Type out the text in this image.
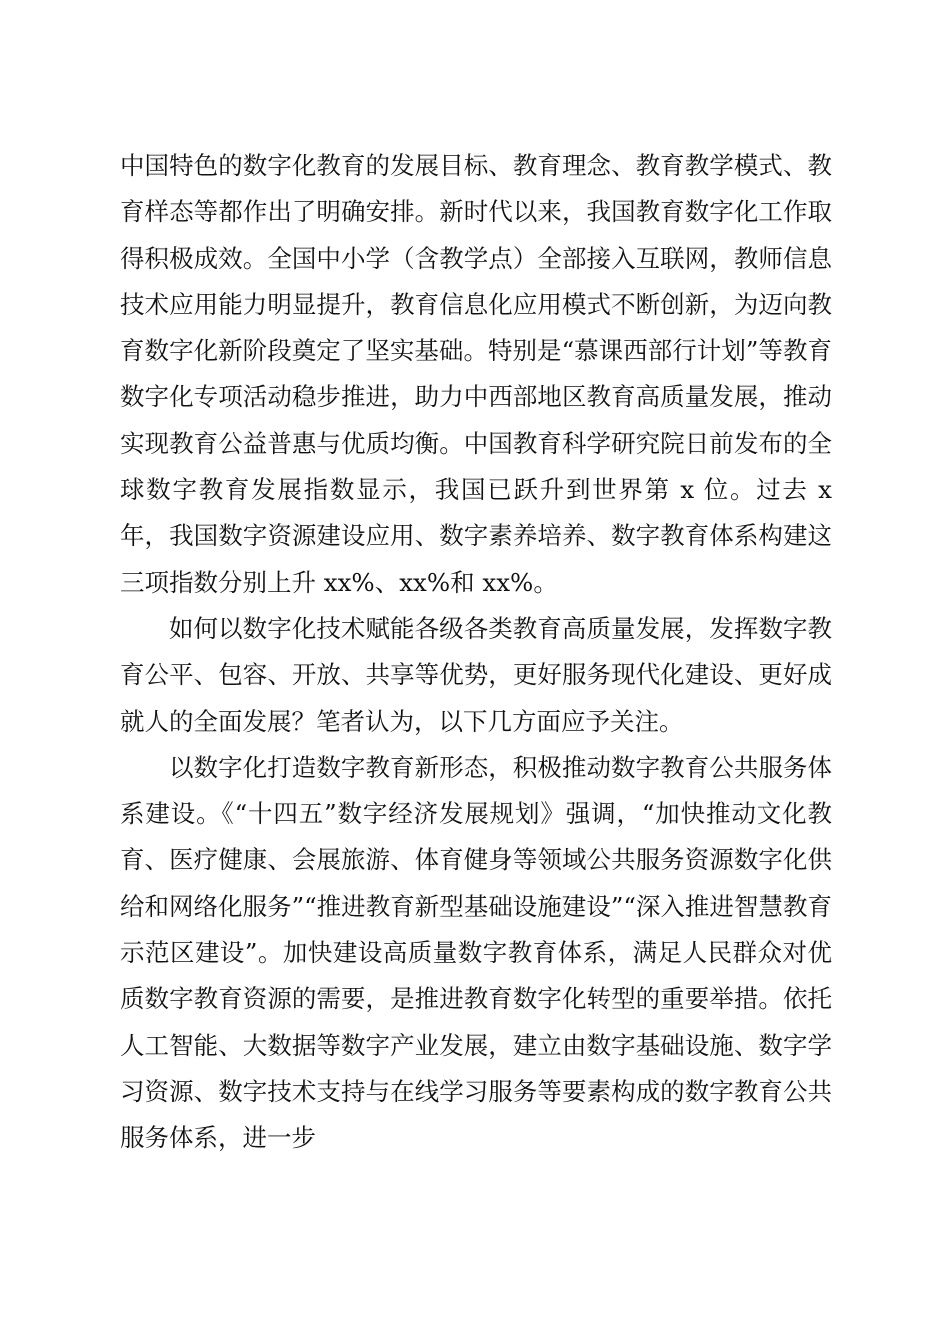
中国特色的数字化教育的发展目标、教育理念、教育教学模式、教育样态等都作出了明确安排。新时代以来，我国教育数字化工作取得积极成效。全国中小学（含教学点）全部接入互联网，教师信息技术应用能力明显提升，教育信息化应用模式不断创新，为迈向教育数字化新阶段奠定了坚实基础。特别是“慕课西部行计划”等教育数字化专项活动稳步推进，助力中西部地区教育高质量发展，推动实现教育公益普惠与优质均衡。中国教育科学研究院日前发布的全球数字教育发展指数显示，我国已跃升到世界第 x 位。过去 x 年，我国数字资源建设应用、数字素养培养、数字教育体系构建这三项指数分别上升 xx%、xx%和 xx%。

如何以数字化技术赋能各级各类教育高质量发展，发挥数字教育公平、包容、开放、共享等优势，更好服务现代化建设、更好成就人的全面发展？笔者认为，以下几方面应予关注。

以数字化打造数字教育新形态，积极推动数字教育公共服务体系建设。《“十四五”数字经济发展规划》强调，“加快推动文化教育、医疗健康、会展旅游、体育健身等领域公共服务资源数字化供给和网络化服务”“推进教育新型基础设施建设”“深入推进智慧教育示范区建设”。加快建设高质量数字教育体系，满足人民群众对优质数字教育资源的需要，是推进教育数字化转型的重要举措。依托人工智能、大数据等数字产业发展，建立由数字基础设施、数字学习资源、数字技术支持与在线学习服务等要素构成的数字教育公共服务体系，进一步
